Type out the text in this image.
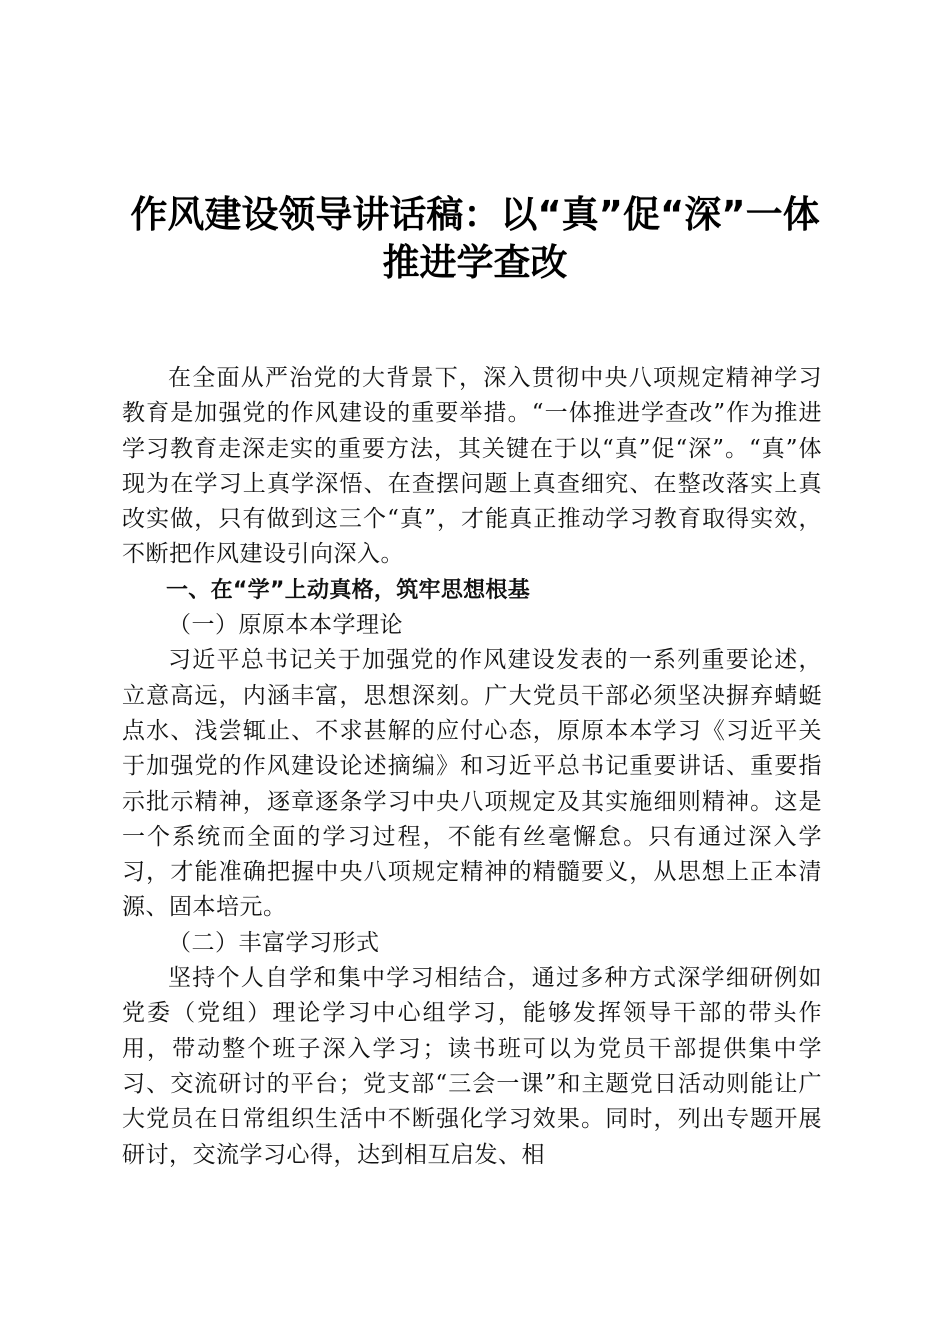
作风建设领导讲话稿：以“真”促“深”一体
推进学查改

在全面从严治党的大背景下，深入贯彻中央八项规定精神学习教育是加强党的作风建设的重要举措。“一体推进学查改”作为推进学习教育走深走实的重要方法，其关键在于以“真”促“深”。“真”体现为在学习上真学深悟、在查摆问题上真查细究、在整改落实上真改实做，只有做到这三个“真”，才能真正推动学习教育取得实效，不断把作风建设引向深入。

一、在“学”上动真格，筑牢思想根基

（一）原原本本学理论

习近平总书记关于加强党的作风建设发表的一系列重要论述，立意高远，内涵丰富，思想深刻。广大党员干部必须坚决摒弃蜻蜓点水、浅尝辄止、不求甚解的应付心态，原原本本学习《习近平关于加强党的作风建设论述摘编》和习近平总书记重要讲话、重要指示批示精神，逐章逐条学习中央八项规定及其实施细则精神。这是一个系统而全面的学习过程，不能有丝毫懈怠。只有通过深入学习，才能准确把握中央八项规定精神的精髓要义，从思想上正本清源、固本培元。

（二）丰富学习形式

坚持个人自学和集中学习相结合，通过多种方式深学细研例如党委（党组）理论学习中心组学习，能够发挥领导干部的带头作用，带动整个班子深入学习；读书班可以为党员干部提供集中学习、交流研讨的平台；党支部“三会一课”和主题党日活动则能让广大党员在日常组织生活中不断强化学习效果。同时，列出专题开展研讨，交流学习心得，达到相互启发、相
